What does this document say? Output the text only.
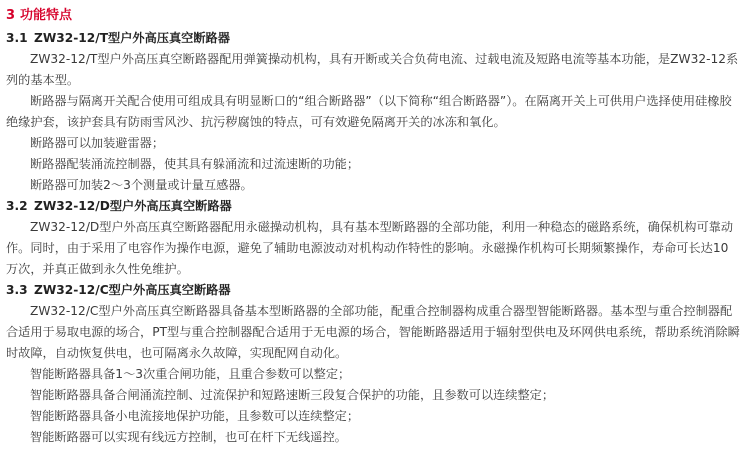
3 功能特点
3.1 ZW32-12/T型户外高压真空断路器

ZW32-12/T型户外高压真空断路器配用弹簧操动机构，具有开断或关合负荷电流、过载电流及短路电流等基本功能，是ZW32-12系列的基本型。

断路器与隔离开关配合使用可组成具有明显断口的“组合断路器”（以下简称“组合断路器”）。在隔离开关上可供用户选择使用硅橡胶绝缘护套，该护套具有防雨雪风沙、抗污秽腐蚀的特点，可有效避免隔离开关的冰冻和氧化。

断路器可以加装避雷器；

断路器配装涌流控制器，使其具有躲涌流和过流速断的功能；

断路器可加装2～3个测量或计量互感器。

3.2 ZW32-12/D型户外高压真空断路器

ZW32-12/D型户外高压真空断路器配用永磁操动机构，具有基本型断路器的全部功能，利用一种稳态的磁路系统，确保机构可靠动作。同时，由于采用了电容作为操作电源，避免了辅助电源波动对机构动作特性的影响。永磁操作机构可长期频繁操作，寿命可长达10万次，并真正做到永久性免维护。

3.3 ZW32-12/C型户外高压真空断路器

ZW32-12/C型户外高压真空断路器具备基本型断路器的全部功能，配重合控制器构成重合器型智能断路器。基本型与重合控制器配合适用于易取电源的场合，PT型与重合控制器配合适用于无电源的场合，智能断路器适用于辐射型供电及环网供电系统，帮助系统消除瞬时故障，自动恢复供电，也可隔离永久故障，实现配网自动化。

智能断路器具备1～3次重合闸功能，且重合参数可以整定；

智能断路器具备合闸涌流控制、过流保护和短路速断三段复合保护的功能，且参数可以连续整定；

智能断路器具备小电流接地保护功能，且参数可以连续整定；

智能断路器可以实现有线远方控制，也可在杆下无线遥控。
